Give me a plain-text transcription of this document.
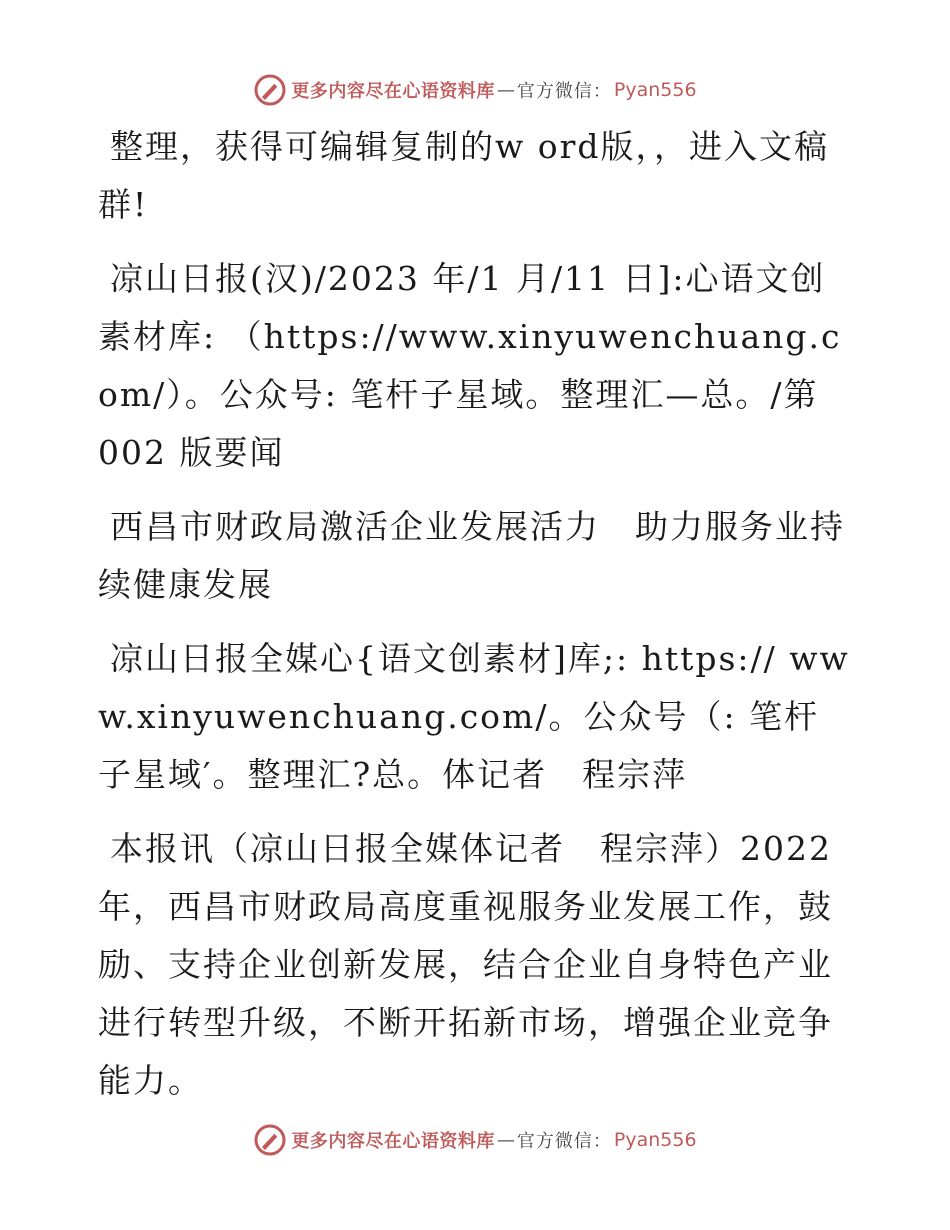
更多内容尽在心语资料库 — 官方微信： Pyan556

整理，获得可编辑复制的w ord版，，进入文稿群!

凉山日报(汉)/2023 年/1 月/11 日]:心语文创素材库: （https://www.xinyuwenchuang.com/）。公众号: 笔杆子星域。整理汇—总。/第 002 版要闻

西昌市财政局激活企业发展活力　助力服务业持续健康发展

凉山日报全媒心{语文创素材]库;: https:// www.xinyuwenchuang.com/。公众号（: 笔杆子星域′。整理汇?总。体记者　程宗萍

本报讯（凉山日报全媒体记者　程宗萍）2022年，西昌市财政局高度重视服务业发展工作，鼓励、支持企业创新发展，结合企业自身特色产业进行转型升级，不断开拓新市场，增强企业竞争能力。

更多内容尽在心语资料库 — 官方微信： Pyan556
